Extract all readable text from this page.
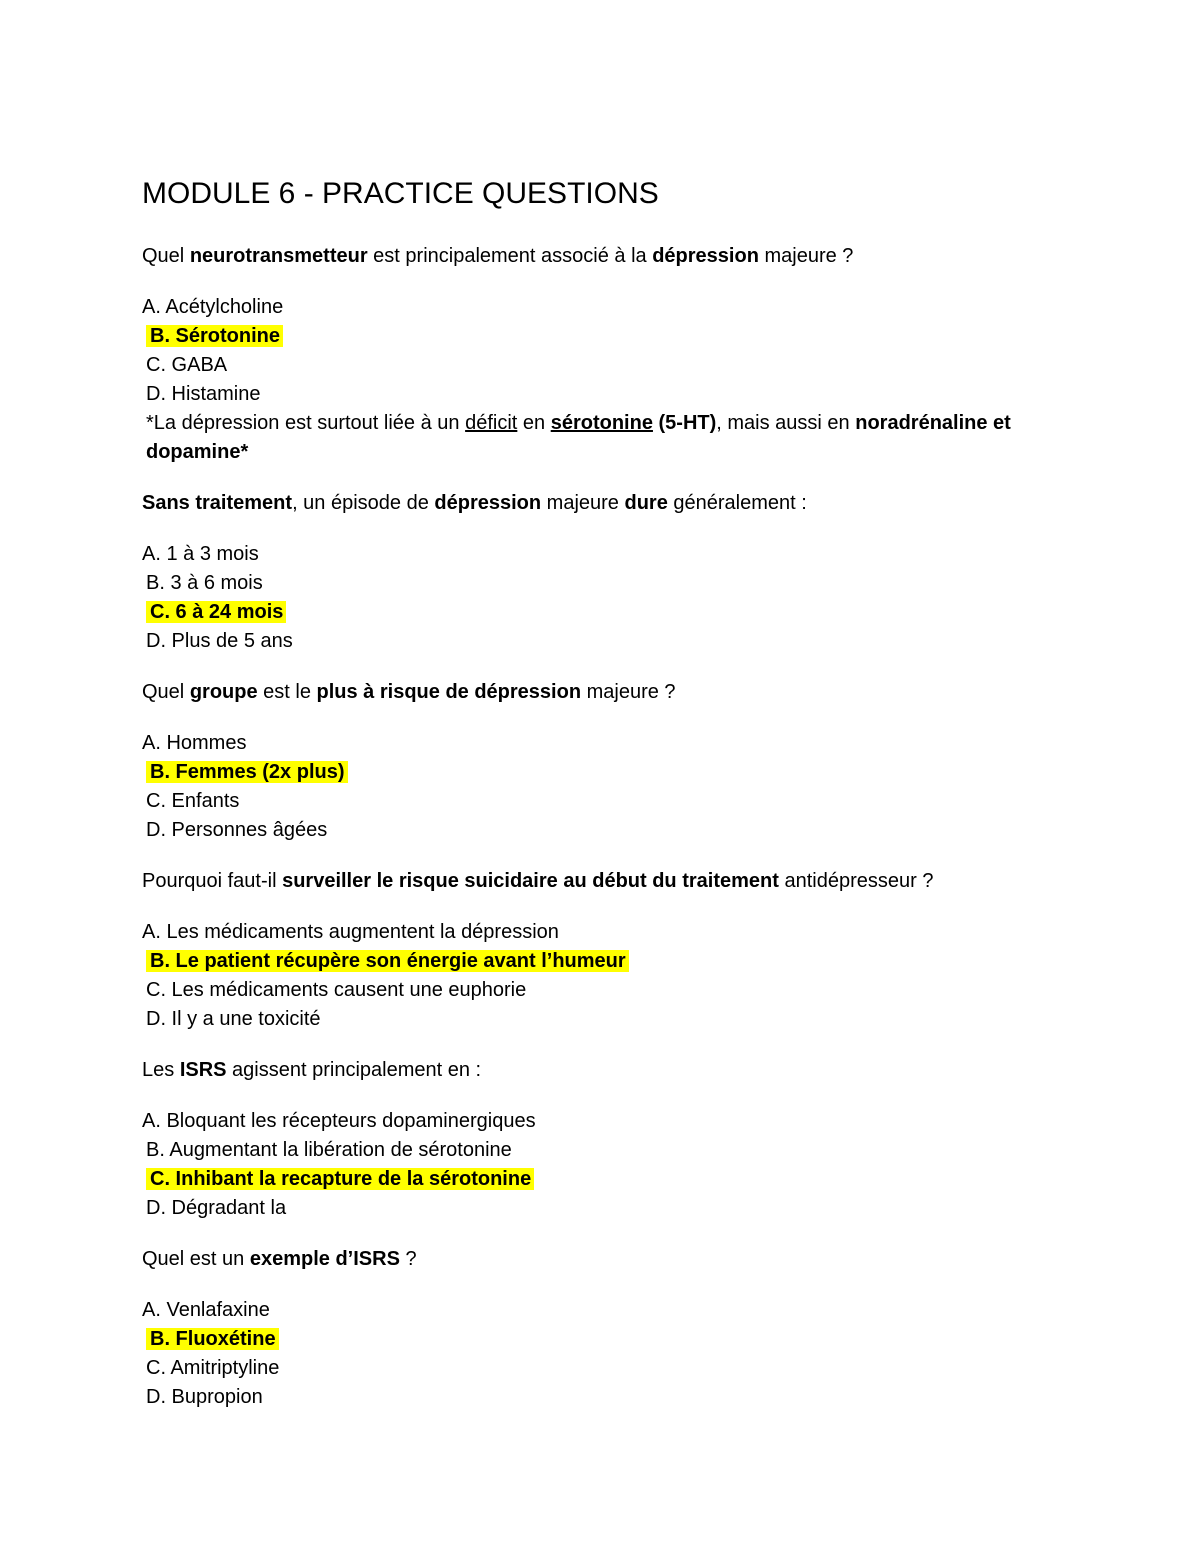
MODULE 6 - PRACTICE QUESTIONS
Quel neurotransmetteur est principalement associé à la dépression majeure ?
A. Acétylcholine
B. Sérotonine
C. GABA
D. Histamine
*La dépression est surtout liée à un déficit en sérotonine (5-HT), mais aussi en noradrénaline et dopamine*
Sans traitement, un épisode de dépression majeure dure généralement :
A. 1 à 3 mois
B. 3 à 6 mois
C. 6 à 24 mois
D. Plus de 5 ans
Quel groupe est le plus à risque de dépression majeure ?
A. Hommes
B. Femmes (2x plus)
C. Enfants
D. Personnes âgées
Pourquoi faut-il surveiller le risque suicidaire au début du traitement antidépresseur ?
A. Les médicaments augmentent la dépression
B. Le patient récupère son énergie avant l’humeur
C. Les médicaments causent une euphorie
D. Il y a une toxicité
Les ISRS agissent principalement en :
A. Bloquant les récepteurs dopaminergiques
B. Augmentant la libération de sérotonine
C. Inhibant la recapture de la sérotonine
D. Dégradant la
Quel est un exemple d’ISRS ?
A. Venlafaxine
B. Fluoxétine
C. Amitriptyline
D. Bupropion
